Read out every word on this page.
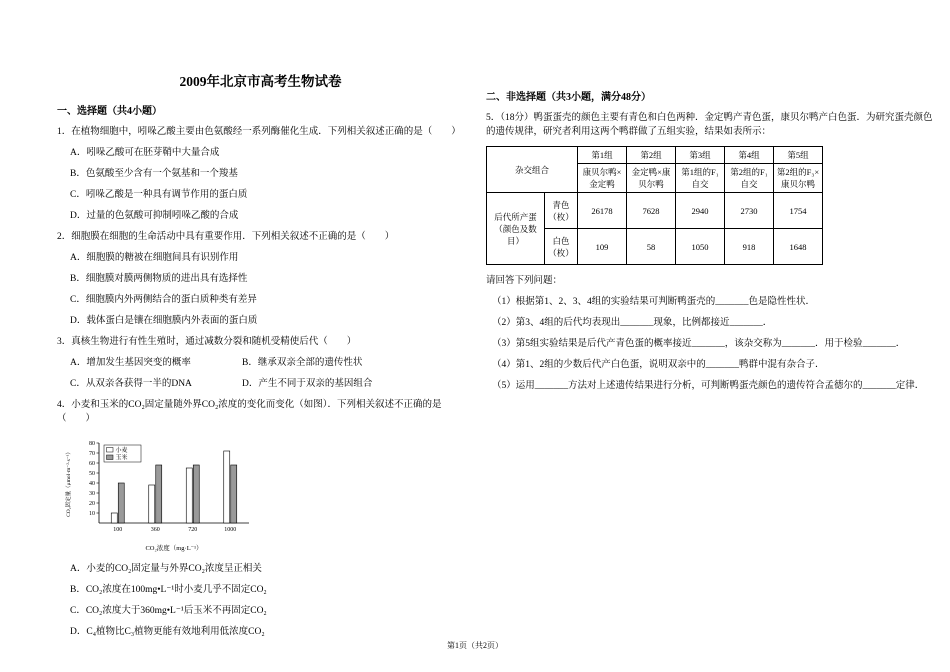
2009年北京市高考生物试卷
一、选择题（共4小题）
1．在植物细胞中，吲哚乙酸主要由色氨酸经一系列酶催化生成．下列相关叙述正确的是（　　）
A．吲哚乙酸可在胚芽鞘中大量合成
B．色氨酸至少含有一个氨基和一个羧基
C．吲哚乙酸是一种具有调节作用的蛋白质
D．过量的色氨酸可抑制吲哚乙酸的合成
2．细胞膜在细胞的生命活动中具有重要作用．下列相关叙述不正确的是（　　）
A．细胞膜的糖被在细胞间具有识别作用
B．细胞膜对膜两侧物质的进出具有选择性
C．细胞膜内外两侧结合的蛋白质种类有差异
D．载体蛋白是镶在细胞膜内外表面的蛋白质
3．真核生物进行有性生殖时，通过减数分裂和随机受精使后代（　　）
A．增加发生基因突变的概率	B．继承双亲全部的遗传性状
C．从双亲各获得一半的DNA	D．产生不同于双亲的基因组合
4．小麦和玉米的CO₂固定量随外界CO₂浓度的变化而变化（如图）．下列相关叙述不正确的是（　　）
10
20
30
40
50
60
70
80
100	360	720	1000
CO₂浓度（mg·L⁻¹）
CO₂固定量（μmol·m⁻²·s⁻¹）	小麦
玉米
A．小麦的CO₂固定量与外界CO₂浓度呈正相关
B．CO₂浓度在100mg•L⁻¹时小麦几乎不固定CO₂
C．CO₂浓度大于360mg•L⁻¹后玉米不再固定CO₂
D．C₄植物比C₃植物更能有效地利用低浓度CO₂
二、非选择题（共3小题，满分48分）
5．（18分）鸭蛋蛋壳的颜色主要有青色和白色两种．金定鸭产青色蛋，康贝尔鸭产白色蛋．为研究蛋壳颜色的遗传规律，研究者利用这两个鸭群做了五组实验，结果如表所示：
杂交组合		第1组	第2组	第3组	第4组	第5组
		康贝尔鸭×金定鸭	金定鸭×康贝尔鸭	第1组的F₁自交	第2组的F₁自交	第2组的F₃×康贝尔鸭
后代所产蛋（颜色及数目）	青色（枚）	26178	7628	2940	2730	1754
	白色（枚）	109	58	1050	918	1648
请回答下列问题：
（1）根据第1、2、3、4组的实验结果可判断鸭蛋壳的_______色是隐性性状．
（2）第3、4组的后代均表现出_______现象，比例都接近_______．
（3）第5组实验结果是后代产青色蛋的概率接近_______，该杂交称为_______．用于检验_______．
（4）第1、2组的少数后代产白色蛋，说明双亲中的_______鸭群中混有杂合子．
（5）运用_______方法对上述遗传结果进行分析，可判断鸭蛋壳颜色的遗传符合孟德尔的_______定律．
第1页（共2页）
